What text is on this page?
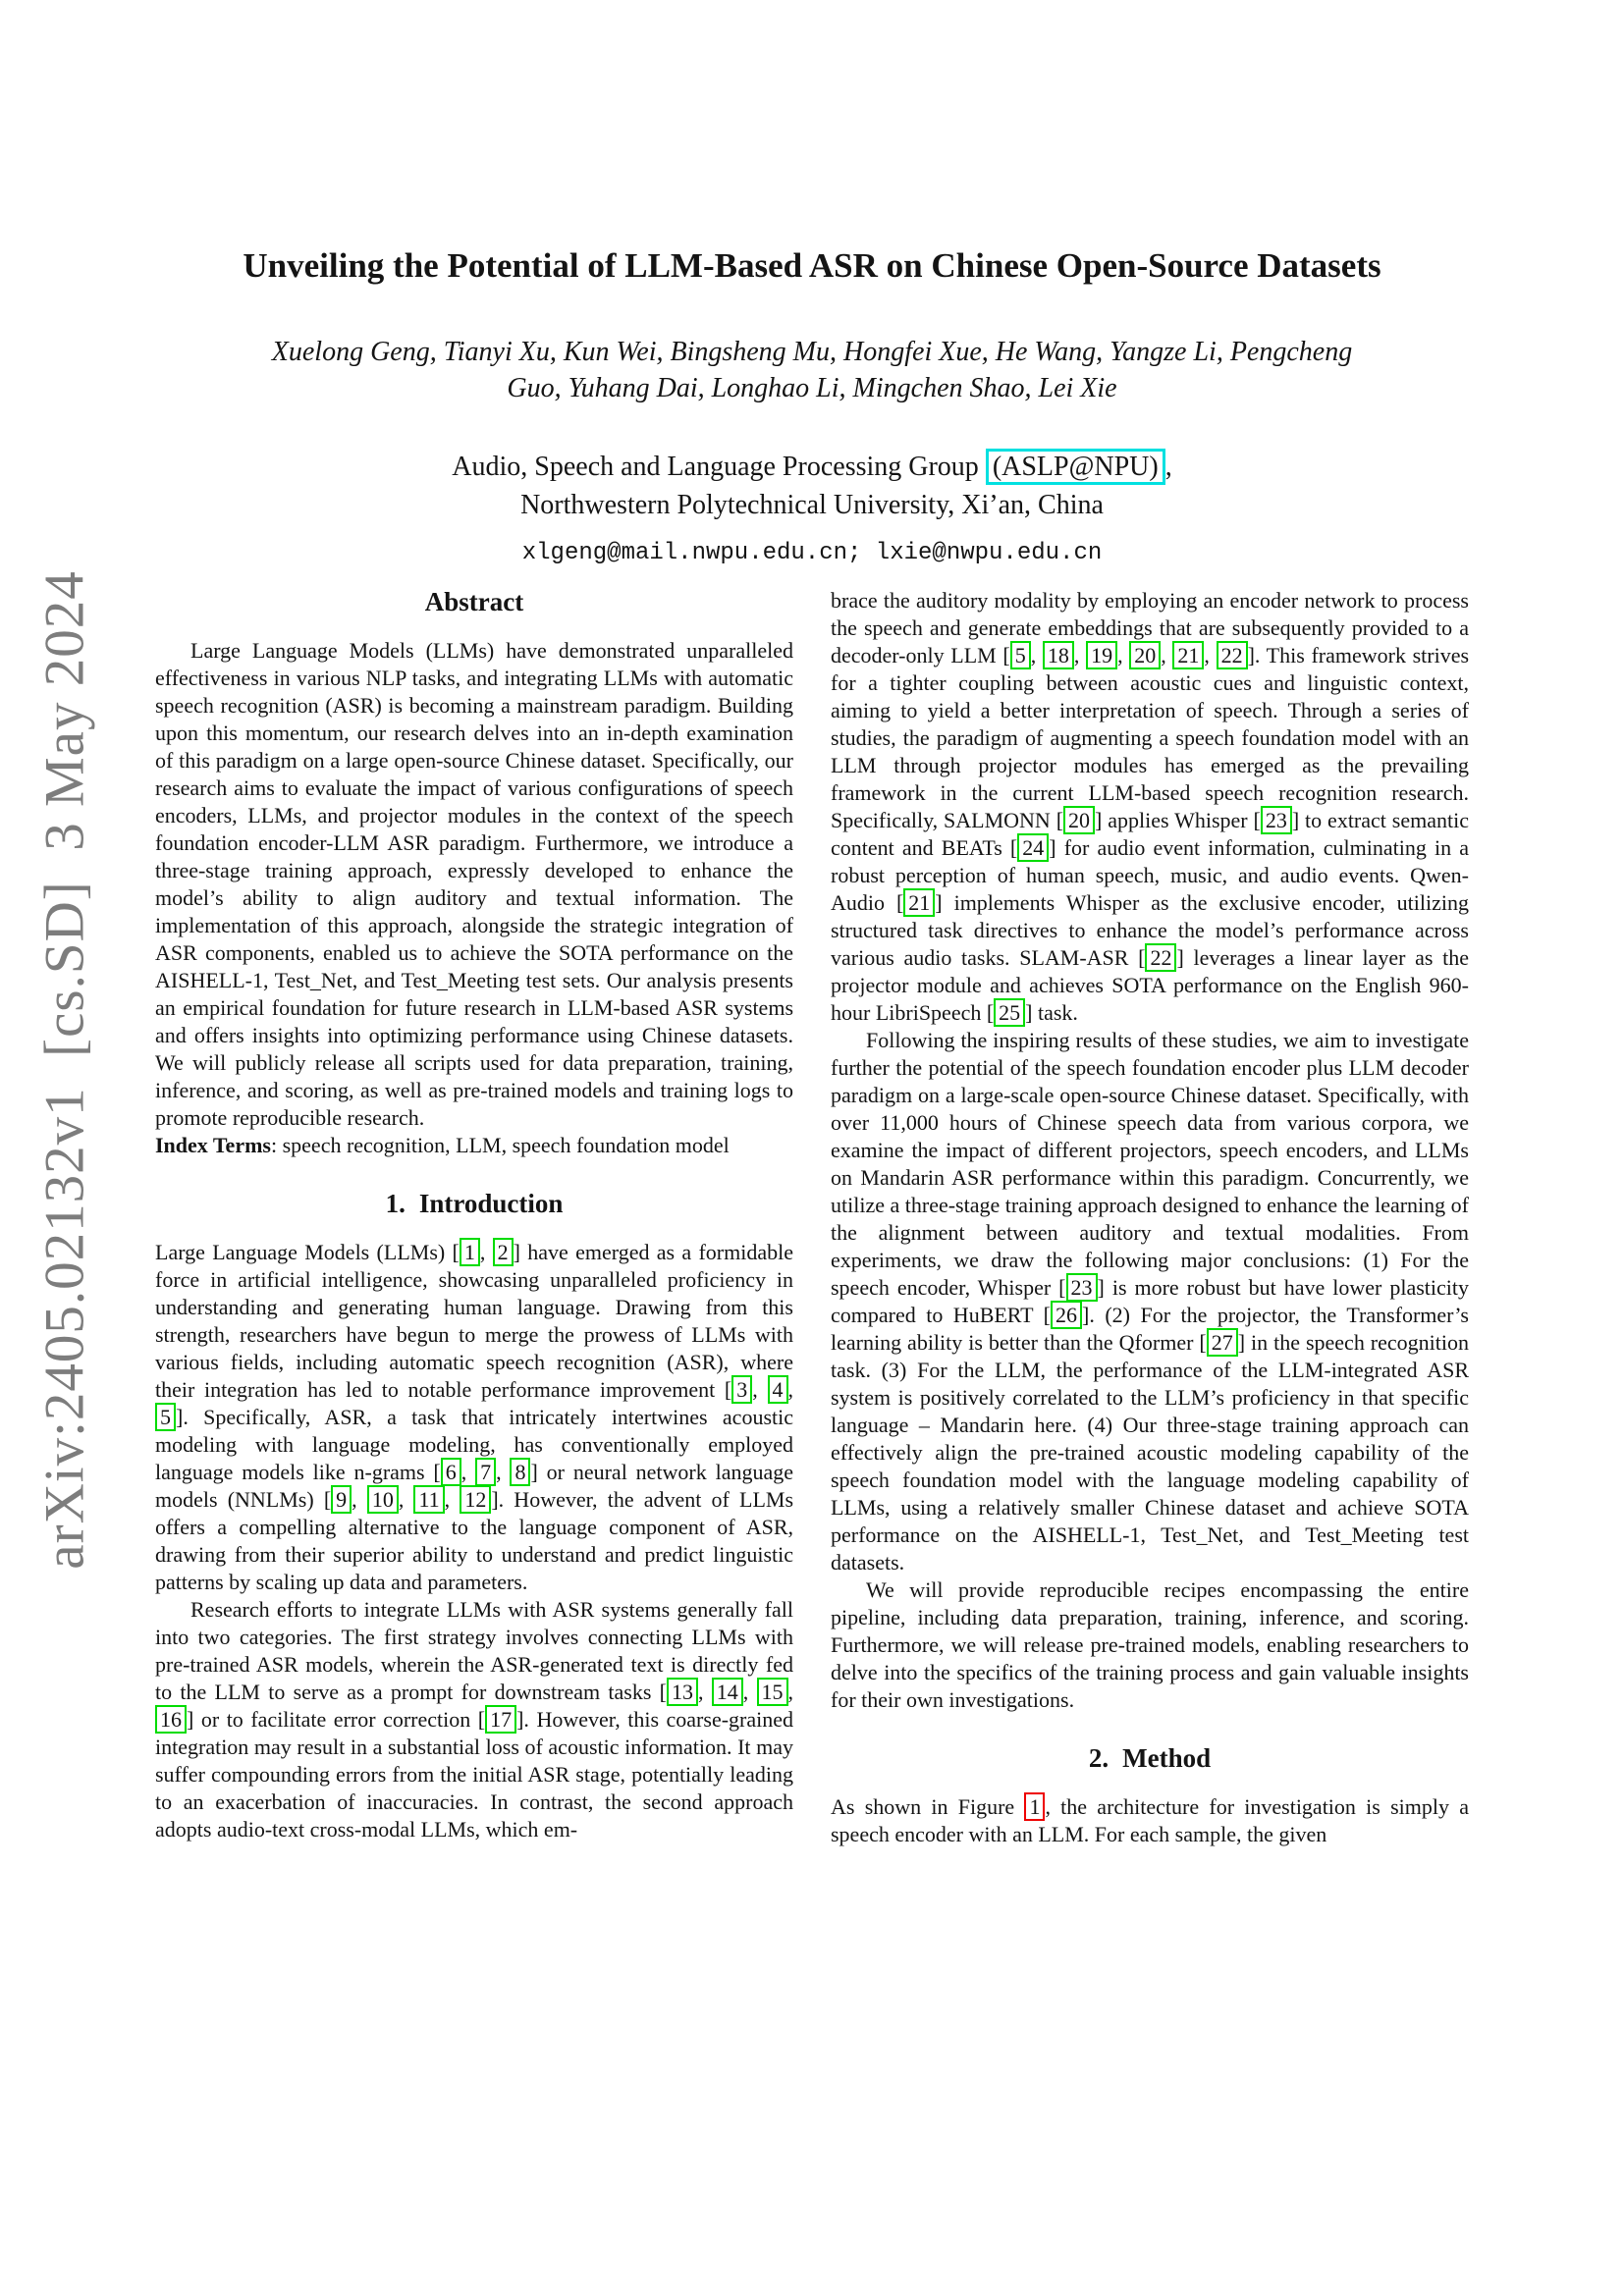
arXiv:2405.02132v1  [cs.SD]  3 May 2024
Unveiling the Potential of LLM-Based ASR on Chinese Open-Source Datasets
Xuelong Geng, Tianyi Xu, Kun Wei, Bingsheng Mu, Hongfei Xue, He Wang, Yangze Li, Pengcheng
Guo, Yuhang Dai, Longhao Li, Mingchen Shao, Lei Xie
Audio, Speech and Language Processing Group (ASLP@NPU) ,
Northwestern Polytechnical University, Xi’an, China
xlgeng@mail.nwpu.edu.cn; lxie@nwpu.edu.cn
Abstract

Large Language Models (LLMs) have demonstrated unparalleled effectiveness in various NLP tasks, and integrating LLMs with automatic speech recognition (ASR) is becoming a mainstream paradigm. Building upon this momentum, our research delves into an in-depth examination of this paradigm on a large open-source Chinese dataset. Specifically, our research aims to evaluate the impact of various configurations of speech encoders, LLMs, and projector modules in the context of the speech foundation encoder-LLM ASR paradigm. Furthermore, we introduce a three-stage training approach, expressly developed to enhance the model’s ability to align auditory and textual information. The implementation of this approach, alongside the strategic integration of ASR components, enabled us to achieve the SOTA performance on the AISHELL-1, Test_Net, and Test_Meeting test sets. Our analysis presents an empirical foundation for future research in LLM-based ASR systems and offers insights into optimizing performance using Chinese datasets. We will publicly release all scripts used for data preparation, training, inference, and scoring, as well as pre-trained models and training logs to promote reproducible research.

Index Terms: speech recognition, LLM, speech foundation model

1. Introduction

Large Language Models (LLMs) [ 1 , 2 ] have emerged as a formidable force in artificial intelligence, showcasing unparalleled proficiency in understanding and generating human language. Drawing from this strength, researchers have begun to merge the prowess of LLMs with various fields, including automatic speech recognition (ASR), where their integration has led to notable performance improvement [ 3 , 4 , 5 ]. Specifically, ASR, a task that intricately intertwines acoustic modeling with language modeling, has conventionally employed language models like n-grams [ 6 , 7 , 8 ] or neural network language models (NNLMs) [ 9 , 10 , 11 , 12 ]. However, the advent of LLMs offers a compelling alternative to the language component of ASR, drawing from their superior ability to understand and predict linguistic patterns by scaling up data and parameters.

Research efforts to integrate LLMs with ASR systems generally fall into two categories. The first strategy involves connecting LLMs with pre-trained ASR models, wherein the ASR-generated text is directly fed to the LLM to serve as a prompt for downstream tasks [ 13 , 14 , 15 , 16 ] or to facilitate error correction [ 17 ]. However, this coarse-grained integration may result in a substantial loss of acoustic information. It may suffer compounding errors from the initial ASR stage, potentially leading to an exacerbation of inaccuracies. In contrast, the second approach adopts audio-text cross-modal LLMs, which em-

brace the auditory modality by employing an encoder network to process the speech and generate embeddings that are subsequently provided to a decoder-only LLM [ 5 , 18 , 19 , 20 , 21 , 22 ]. This framework strives for a tighter coupling between acoustic cues and linguistic context, aiming to yield a better interpretation of speech. Through a series of studies, the paradigm of augmenting a speech foundation model with an LLM through projector modules has emerged as the prevailing framework in the current LLM-based speech recognition research. Specifically, SALMONN [ 20 ] applies Whisper [ 23 ] to extract semantic content and BEATs [ 24 ] for audio event information, culminating in a robust perception of human speech, music, and audio events. Qwen-Audio [ 21 ] implements Whisper as the exclusive encoder, utilizing structured task directives to enhance the model’s performance across various audio tasks. SLAM-ASR [ 22 ] leverages a linear layer as the projector module and achieves SOTA performance on the English 960-hour LibriSpeech [ 25 ] task.

Following the inspiring results of these studies, we aim to investigate further the potential of the speech foundation encoder plus LLM decoder paradigm on a large-scale open-source Chinese dataset. Specifically, with over 11,000 hours of Chinese speech data from various corpora, we examine the impact of different projectors, speech encoders, and LLMs on Mandarin ASR performance within this paradigm. Concurrently, we utilize a three-stage training approach designed to enhance the learning of the alignment between auditory and textual modalities. From experiments, we draw the following major conclusions: (1) For the speech encoder, Whisper [ 23 ] is more robust but have lower plasticity compared to HuBERT [ 26 ]. (2) For the projector, the Transformer’s learning ability is better than the Qformer [ 27 ] in the speech recognition task. (3) For the LLM, the performance of the LLM-integrated ASR system is positively correlated to the LLM’s proficiency in that specific language – Mandarin here. (4) Our three-stage training approach can effectively align the pre-trained acoustic modeling capability of the speech foundation model with the language modeling capability of LLMs, using a relatively smaller Chinese dataset and achieve SOTA performance on the AISHELL-1, Test_Net, and Test_Meeting test datasets.

We will provide reproducible recipes encompassing the entire pipeline, including data preparation, training, inference, and scoring. Furthermore, we will release pre-trained models, enabling researchers to delve into the specifics of the training process and gain valuable insights for their own investigations.

2. Method

As shown in Figure 1 , the architecture for investigation is simply a speech encoder with an LLM. For each sample, the given
